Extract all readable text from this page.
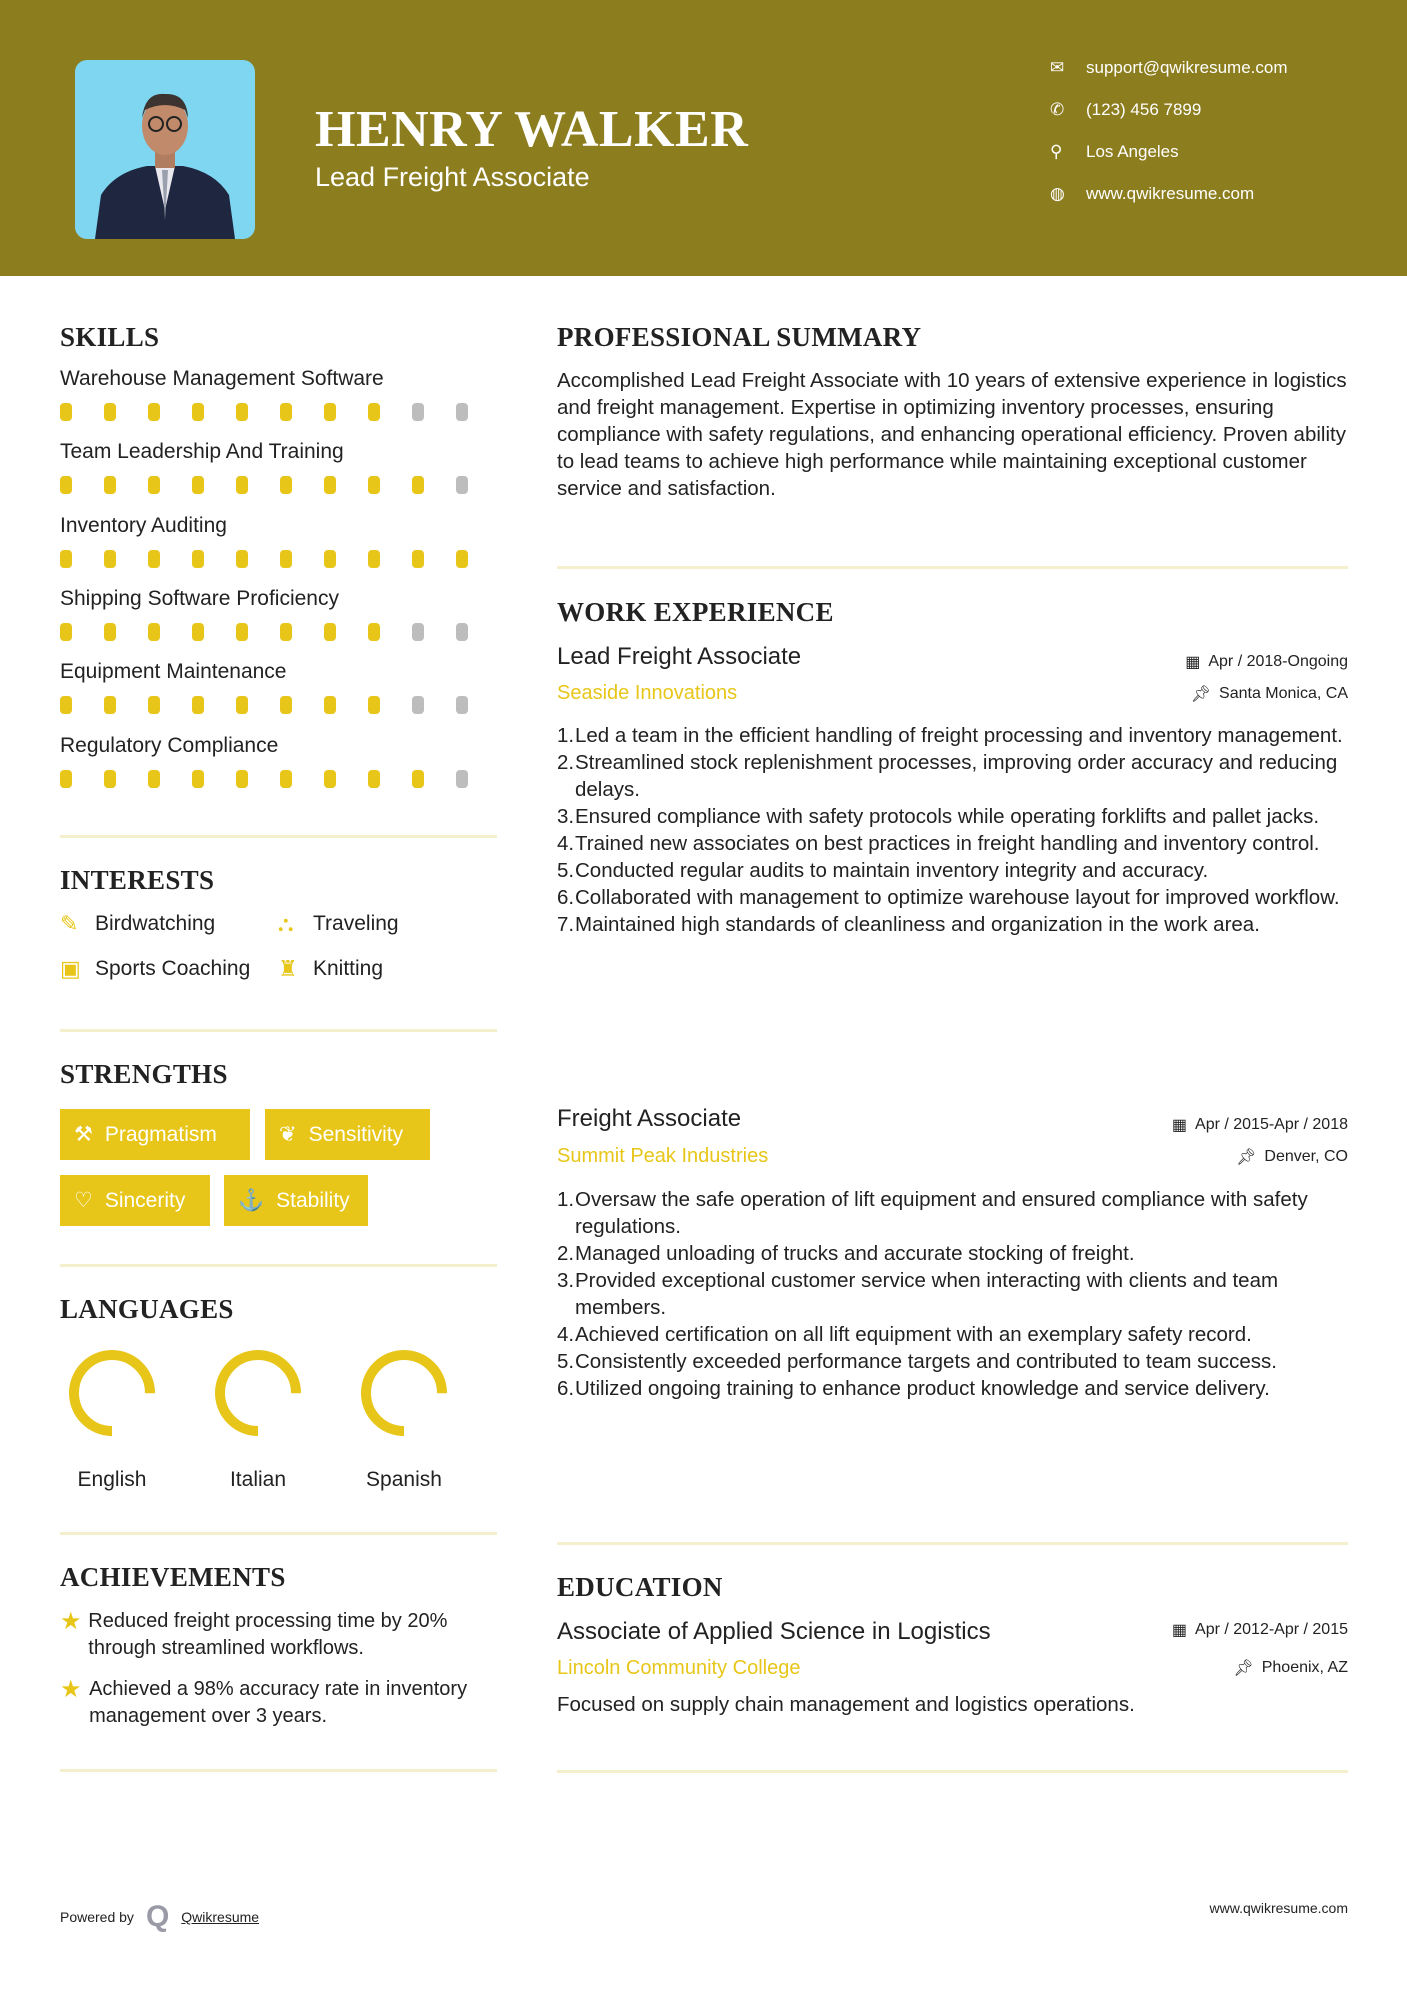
HENRY WALKER
Lead Freight Associate
✉	support@qwikresume.com
✆	(123) 456 7899
⚲	Los Angeles
◍	www.qwikresume.com
SKILLS
Warehouse Management Software
Team Leadership And Training
Inventory Auditing
Shipping Software Proficiency
Equipment Maintenance
Regulatory Compliance
INTERESTS
✎ Birdwatching	⛬ Traveling
▣ Sports Coaching ♜ Knitting
STRENGTHS
⚒ Pragmatism	❦ Sensitivity
♡ Sincerity	⚓ Stability
LANGUAGES
English	Italian	Spanish
ACHIEVEMENTS
★ Reduced freight processing time by 20% through streamlined workflows.
★ Achieved a 98% accuracy rate in inventory management over 3 years.
PROFESSIONAL SUMMARY
Accomplished Lead Freight Associate with 10 years of extensive experience in logistics and freight management. Expertise in optimizing inventory processes, ensuring compliance with safety regulations, and enhancing operational efficiency. Proven ability to lead teams to achieve high performance while maintaining exceptional customer service and satisfaction.
WORK EXPERIENCE
Lead Freight Associate
Seaside Innovations
▦ Apr / 2018-Ongoing
📌︎ Santa Monica, CA
Led a team in the efficient handling of freight processing and inventory management.
Streamlined stock replenishment processes, improving order accuracy and reducing delays.
Ensured compliance with safety protocols while operating forklifts and pallet jacks.
Trained new associates on best practices in freight handling and inventory control.
Conducted regular audits to maintain inventory integrity and accuracy.
Collaborated with management to optimize warehouse layout for improved workflow.
Maintained high standards of cleanliness and organization in the work area.
Freight Associate
Summit Peak Industries
▦ Apr / 2015-Apr / 2018
📌︎ Denver, CO
Oversaw the safe operation of lift equipment and ensured compliance with safety regulations.
Managed unloading of trucks and accurate stocking of freight.
Provided exceptional customer service when interacting with clients and team members.
Achieved certification on all lift equipment with an exemplary safety record.
Consistently exceeded performance targets and contributed to team success.
Utilized ongoing training to enhance product knowledge and service delivery.
EDUCATION
Associate of Applied Science in Logistics
Lincoln Community College
▦ Apr / 2012-Apr / 2015
📌︎ Phoenix, AZ
Focused on supply chain management and logistics operations.
Powered by Q Qwikresume
www.qwikresume.com
